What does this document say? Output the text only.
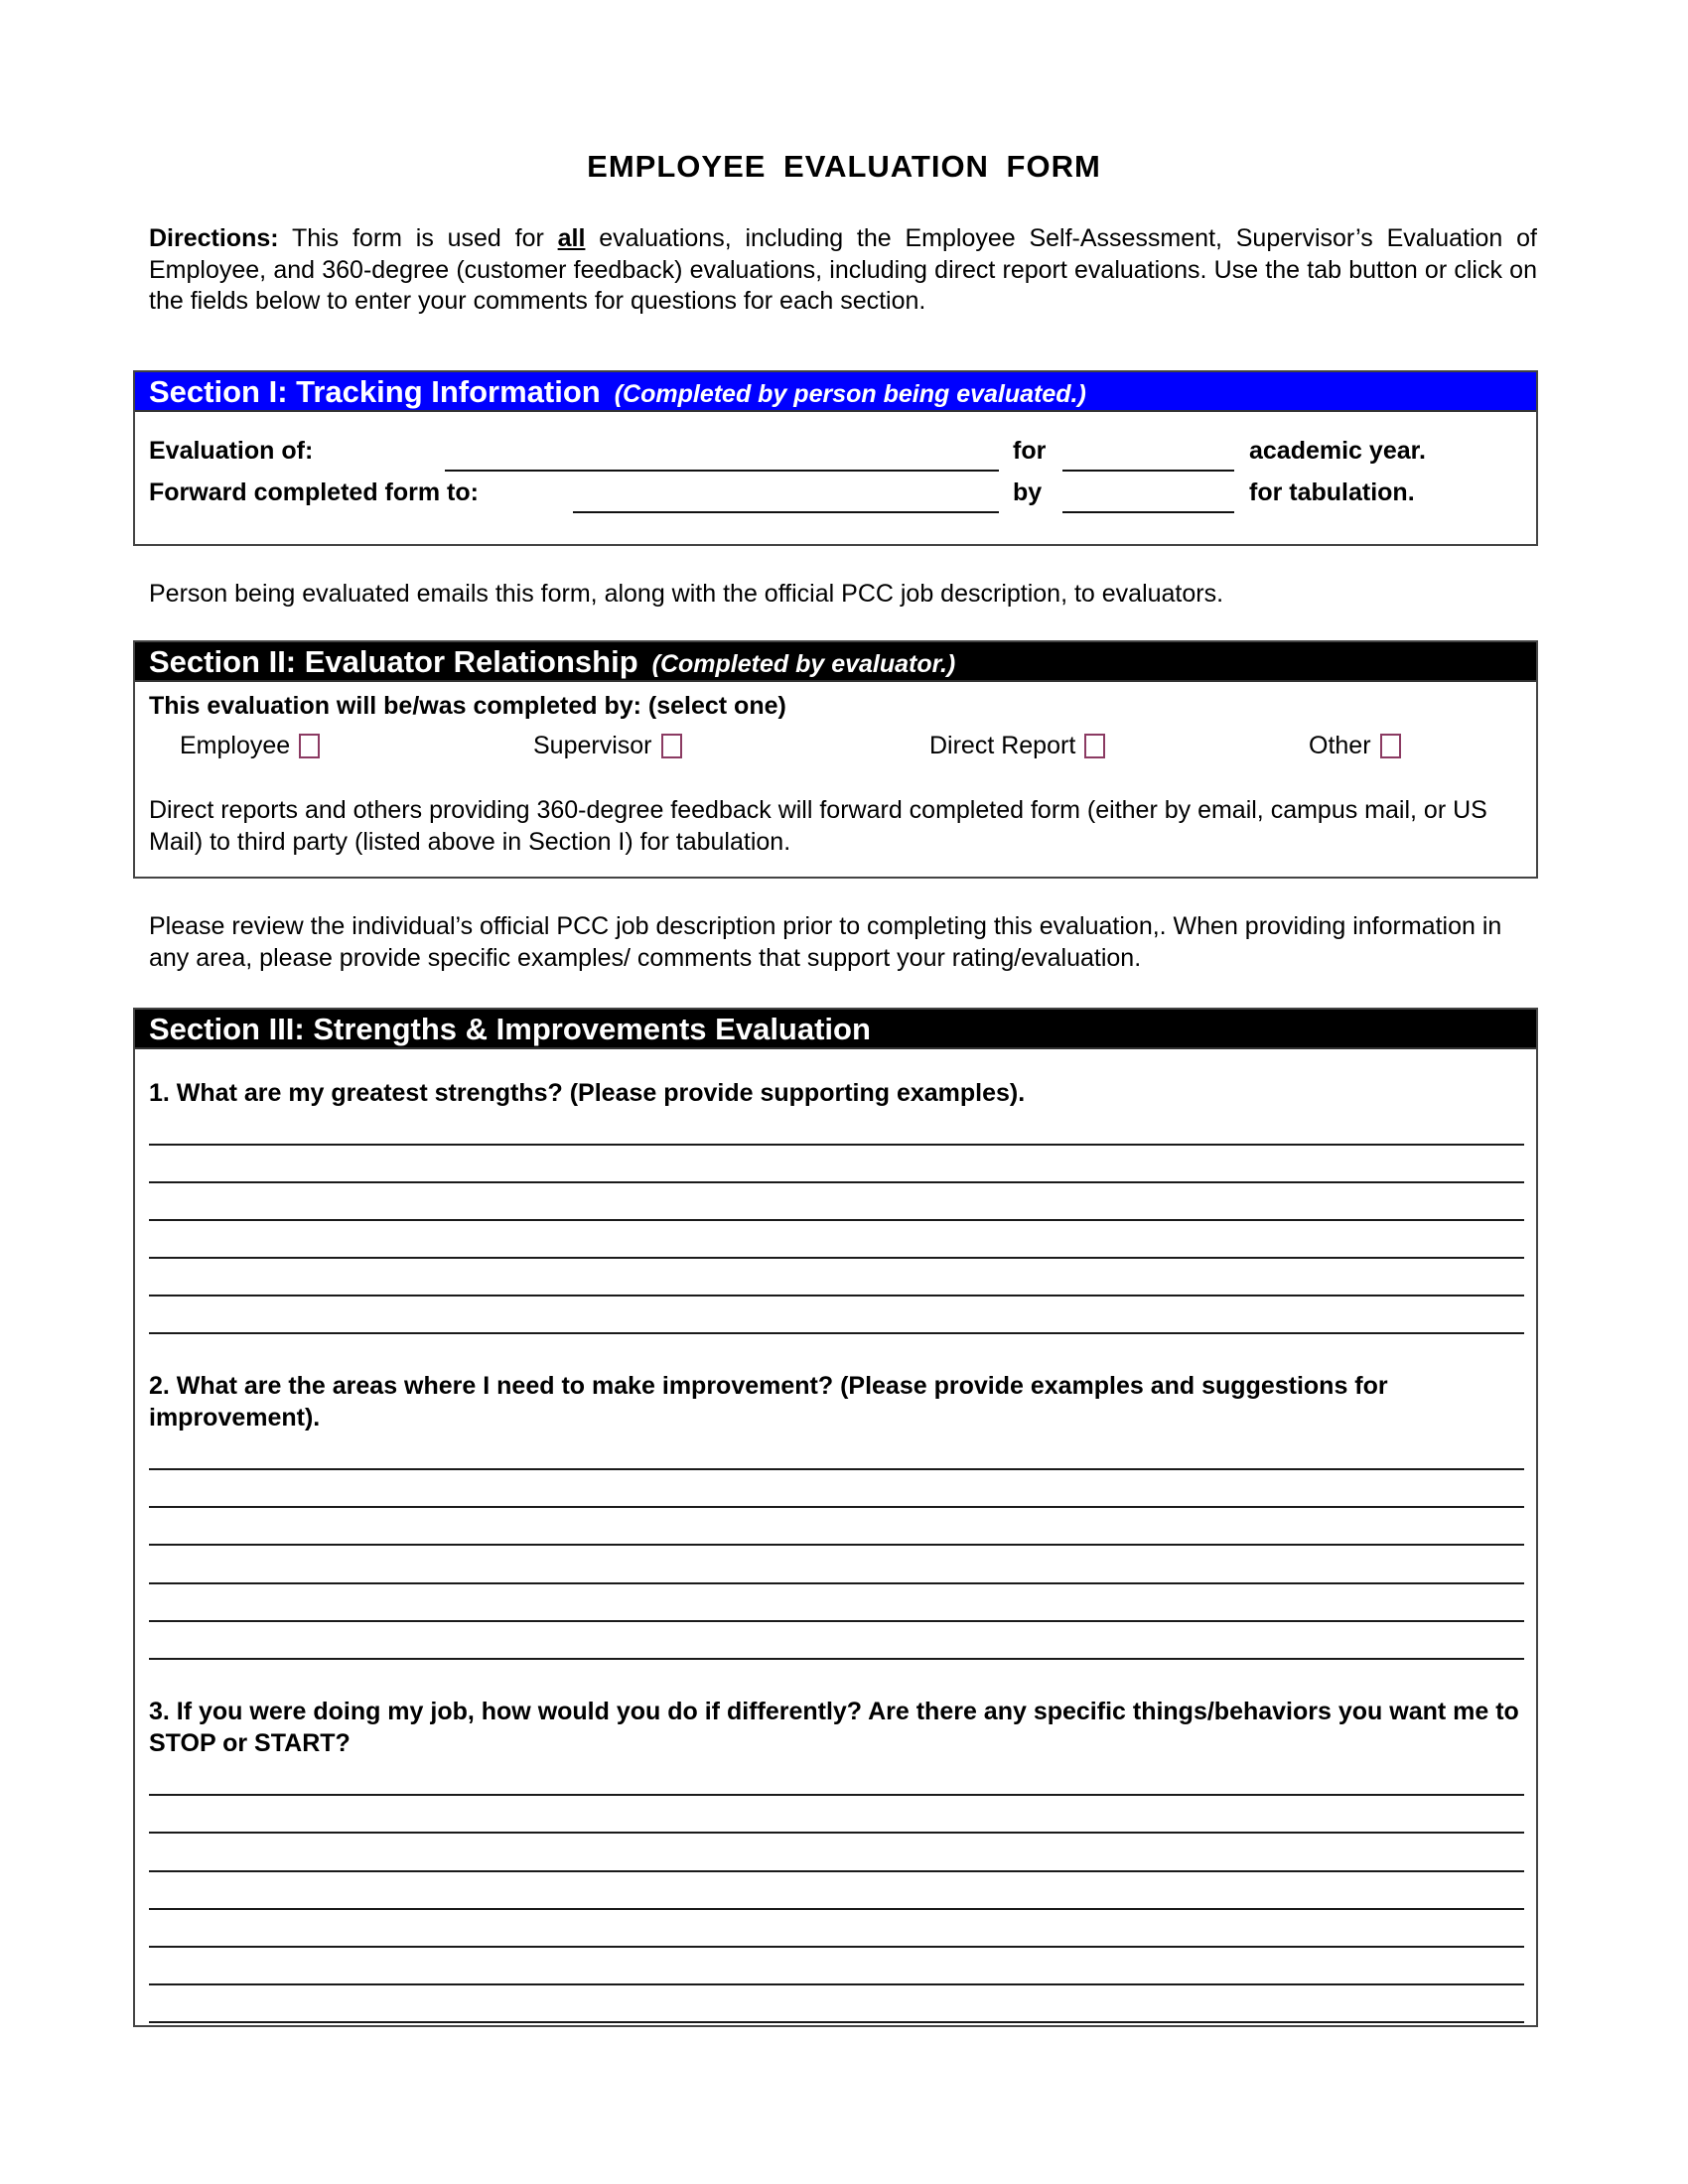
EMPLOYEE EVALUATION FORM
Directions: This form is used for all evaluations, including the Employee Self-Assessment, Supervisor’s Evaluation of Employee, and 360-degree (customer feedback) evaluations, including direct report evaluations. Use the tab button or click on the fields below to enter your comments for questions for each section.
Section I: Tracking Information (Completed by person being evaluated.)
Evaluation of:	for	academic year.
Forward completed form to:	by	for tabulation.
Person being evaluated emails this form, along with the official PCC job description, to evaluators.
Section II: Evaluator Relationship (Completed by evaluator.)
This evaluation will be/was completed by: (select one)
Employee	Supervisor	Direct Report	Other
Direct reports and others providing 360-degree feedback will forward completed form (either by email, campus mail, or US Mail) to third party (listed above in Section I) for tabulation.
Please review the individual’s official PCC job description prior to completing this evaluation,. When providing information in any area, please provide specific examples/ comments that support your rating/evaluation.
Section III: Strengths & Improvements Evaluation
1. What are my greatest strengths? (Please provide supporting examples).
2. What are the areas where I need to make improvement? (Please provide examples and suggestions for improvement).
3. If you were doing my job, how would you do if differently? Are there any specific things/behaviors you want me to STOP or START?
